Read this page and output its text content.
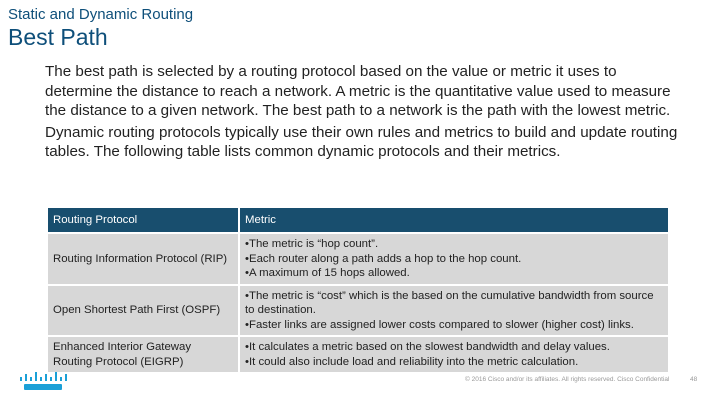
Static and Dynamic Routing
Best Path

The best path is selected by a routing protocol based on the value or metric it uses to determine the distance to reach a network. A metric is the quantitative value used to measure the distance to a given network. The best path to a network is the path with the lowest metric.

Dynamic routing protocols typically use their own rules and metrics to build and update routing tables. The following table lists common dynamic protocols and their metrics.

Routing Protocol	Metric
Routing Information Protocol (RIP)	•The metric is “hop count”.
•Each router along a path adds a hop to the hop count.
•A maximum of 15 hops allowed.

Open Shortest Path First (OSPF)	•The metric is “cost” which is the based on the cumulative bandwidth from source to destination.
•Faster links are assigned lower costs compared to slower (higher cost) links.

Enhanced Interior Gateway Routing Protocol (EIGRP)	•It calculates a metric based on the slowest bandwidth and delay values.
•It could also include load and reliability into the metric calculation.
© 2016 Cisco and/or its affiliates. All rights reserved. Cisco Confidential	48
